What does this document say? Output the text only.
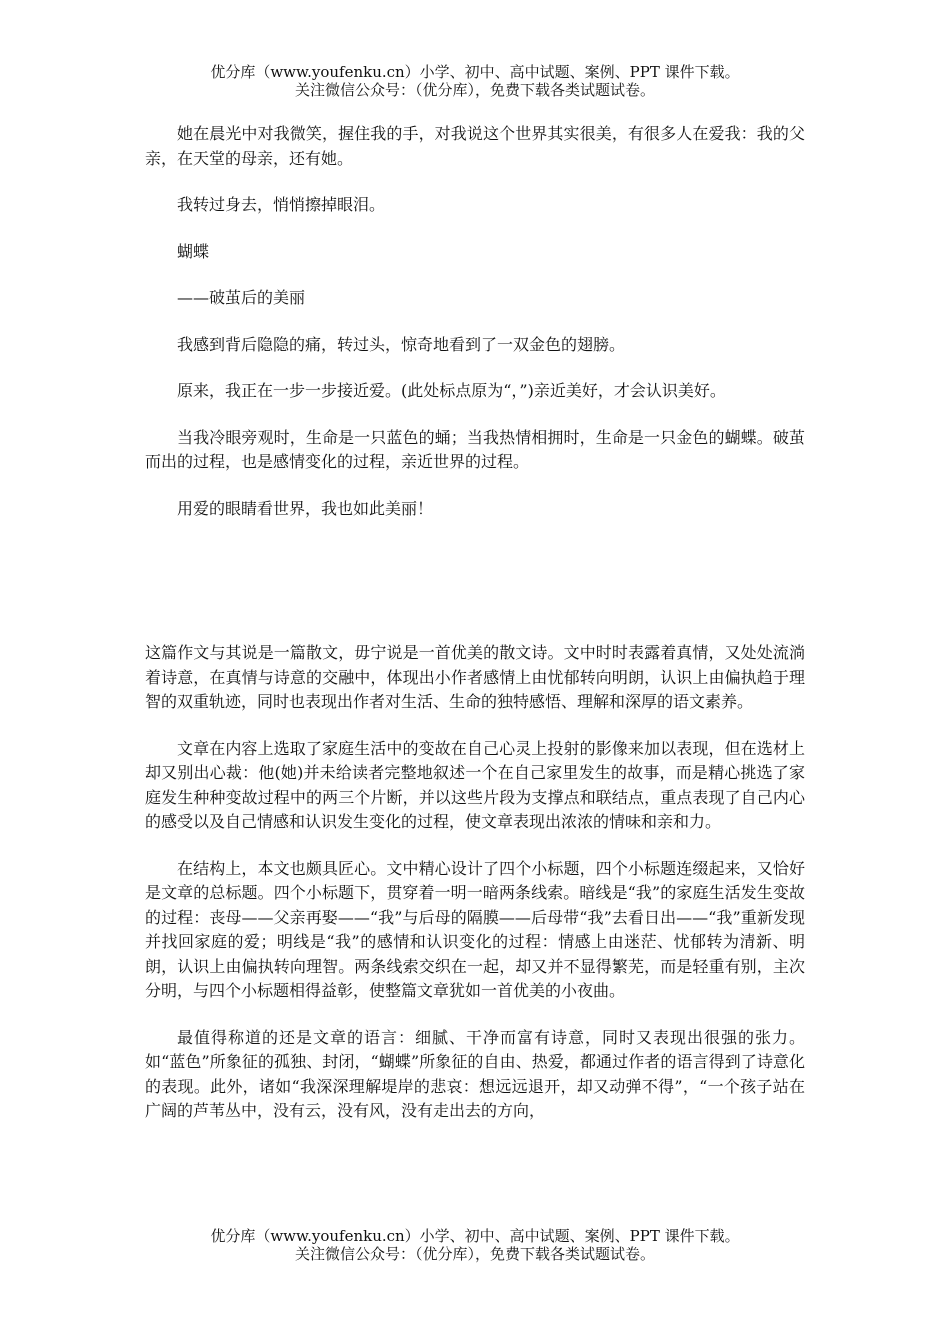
优分库（www.youfenku.cn）小学、初中、高中试题、案例、PPT 课件下载。
关注微信公众号：（优分库），免费下载各类试题试卷。

她在晨光中对我微笑，握住我的手，对我说这个世界其实很美，有很多人在爱我：我的父亲，在天堂的母亲，还有她。

我转过身去，悄悄擦掉眼泪。

蝴蝶

——破茧后的美丽

我感到背后隐隐的痛，转过头，惊奇地看到了一双金色的翅膀。

原来，我正在一步一步接近爱。(此处标点原为“，”)亲近美好，才会认识美好。

当我冷眼旁观时，生命是一只蓝色的蛹；当我热情相拥时，生命是一只金色的蝴蝶。破茧而出的过程，也是感情变化的过程，亲近世界的过程。

用爱的眼睛看世界，我也如此美丽！

这篇作文与其说是一篇散文，毋宁说是一首优美的散文诗。文中时时表露着真情，又处处流淌着诗意，在真情与诗意的交融中，体现出小作者感情上由忧郁转向明朗，认识上由偏执趋于理智的双重轨迹，同时也表现出作者对生活、生命的独特感悟、理解和深厚的语文素养。

文章在内容上选取了家庭生活中的变故在自己心灵上投射的影像来加以表现，但在选材上却又别出心裁：他(她)并未给读者完整地叙述一个在自己家里发生的故事，而是精心挑选了家庭发生种种变故过程中的两三个片断，并以这些片段为支撑点和联结点，重点表现了自己内心的感受以及自己情感和认识发生变化的过程，使文章表现出浓浓的情味和亲和力。

在结构上，本文也颇具匠心。文中精心设计了四个小标题，四个小标题连缀起来，又恰好是文章的总标题。四个小标题下，贯穿着一明一暗两条线索。暗线是“我”的家庭生活发生变故的过程：丧母——父亲再娶——“我”与后母的隔膜——后母带“我”去看日出——“我”重新发现并找回家庭的爱；明线是“我”的感情和认识变化的过程：情感上由迷茫、忧郁转为清新、明朗，认识上由偏执转向理智。两条线索交织在一起，却又并不显得繁芜，而是轻重有别，主次分明，与四个小标题相得益彰，使整篇文章犹如一首优美的小夜曲。

最值得称道的还是文章的语言：细腻、干净而富有诗意，同时又表现出很强的张力。如“蓝色”所象征的孤独、封闭，“蝴蝶”所象征的自由、热爱，都通过作者的语言得到了诗意化的表现。此外，诸如“我深深理解堤岸的悲哀：想远远退开，却又动弹不得”，“一个孩子站在广阔的芦苇丛中，没有云，没有风，没有走出去的方向，

优分库（www.youfenku.cn）小学、初中、高中试题、案例、PPT 课件下载。
关注微信公众号：（优分库），免费下载各类试题试卷。
